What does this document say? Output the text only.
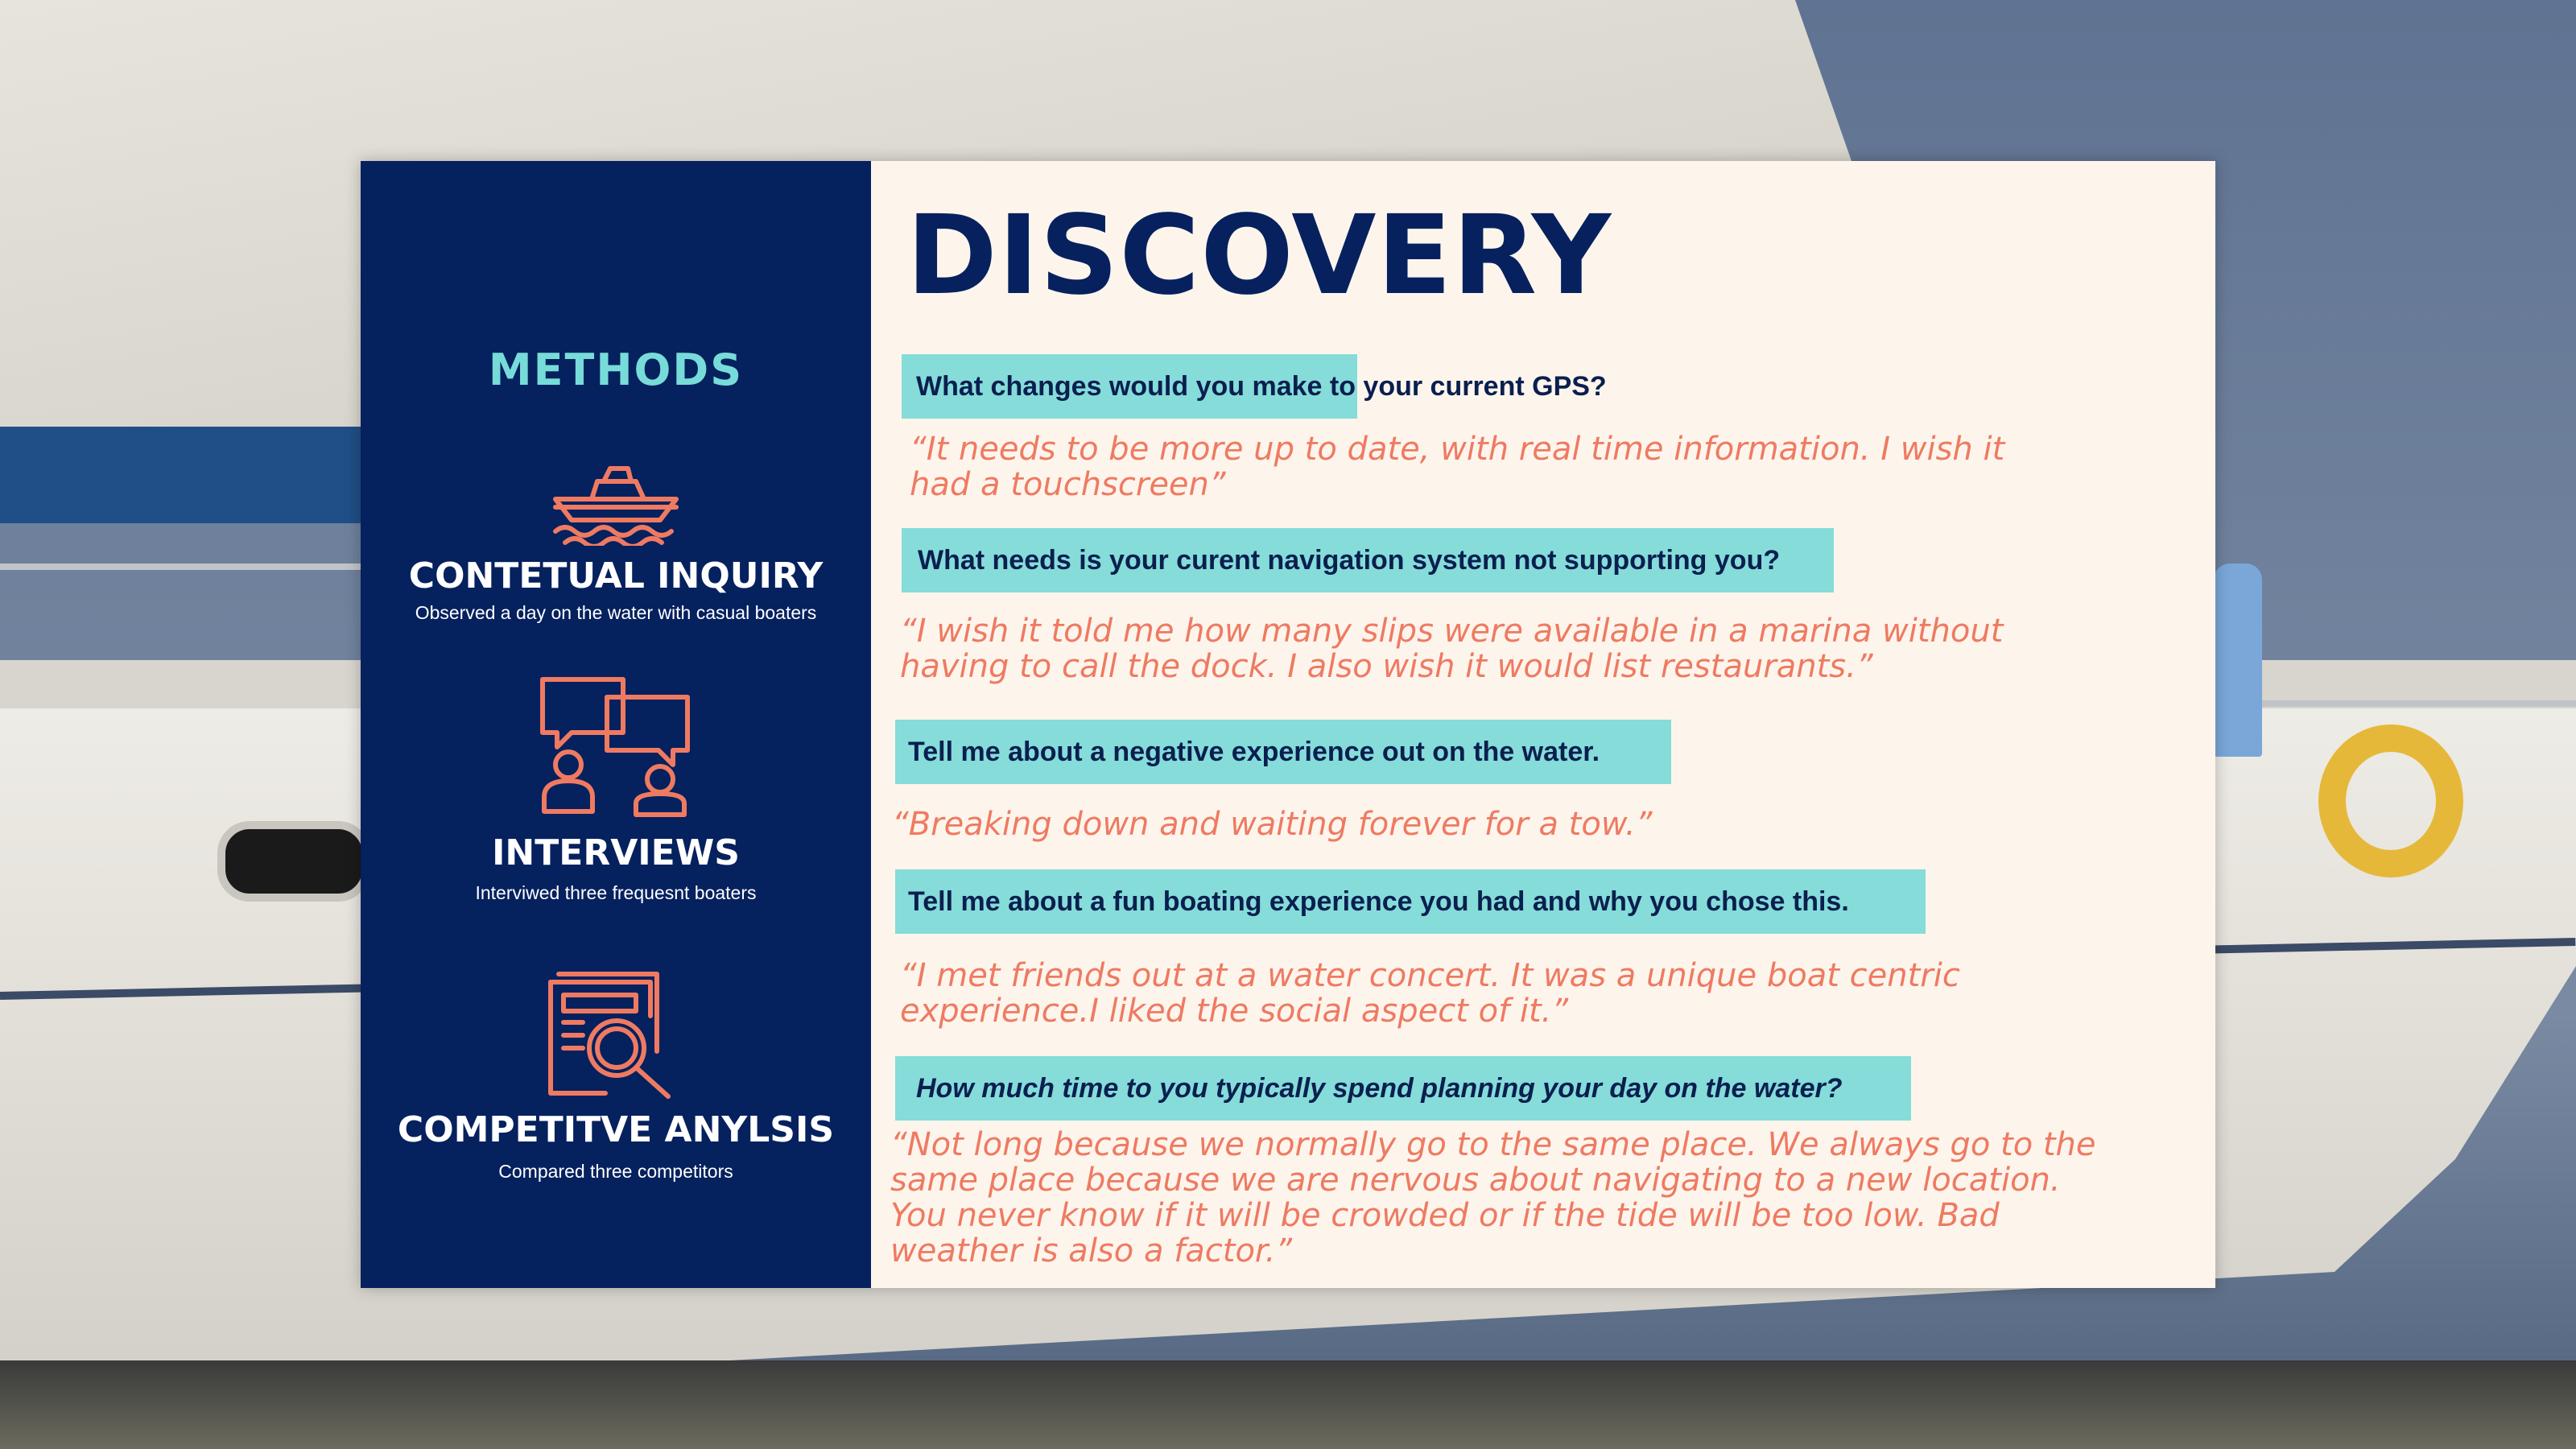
METHODS
CONTETUAL INQUIRY
Observed a day on the water with casual boaters
INTERVIEWS
Interviwed three frequesnt boaters
COMPETITVE ANYLSIS
Compared three competitors
DISCOVERY
What changes would you make to your current GPS?
“It needs to be more up to date, with real time information. I wish it
had a touchscreen”
What needs is your curent navigation system not supporting you?
“I wish it told me how many slips were available in a marina without
having to call the dock. I also wish it would list restaurants.”
Tell me about a negative experience out on the water.
“Breaking down and waiting forever for a tow.”
Tell me about a fun boating experience you had and why you chose this.
“I met friends out at a water concert. It was a unique boat centric
experience.I liked the social aspect of it.”
How much time to you typically spend planning your day on the water?
“Not long because we normally go to the same place. We always go to the
same place because we are nervous about navigating to a new location.
You never know if it will be crowded or if the tide will be too low. Bad
weather is also a factor.”
